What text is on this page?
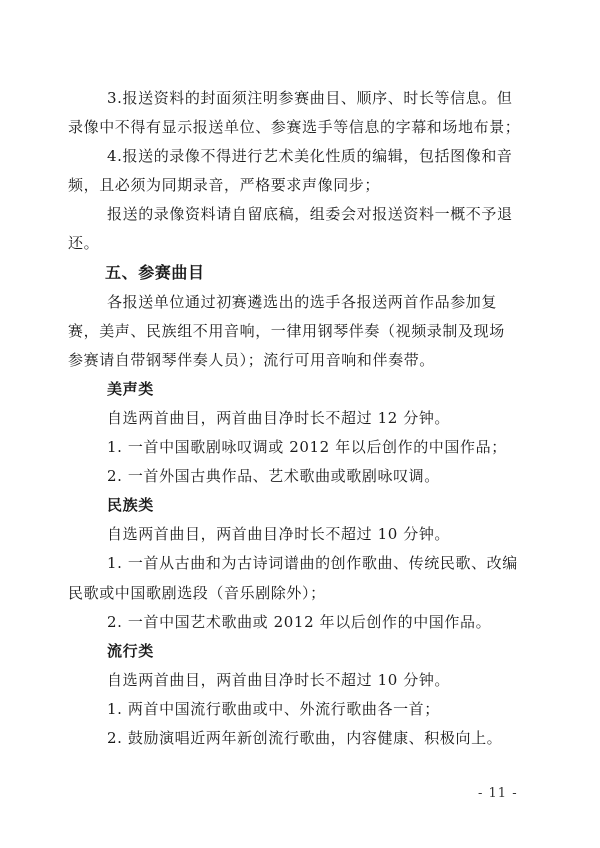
3.报送资料的封面须注明参赛曲目、顺序、时长等信息。但
录像中不得有显示报送单位、参赛选手等信息的字幕和场地布景；
4.报送的录像不得进行艺术美化性质的编辑，包括图像和音
频，且必须为同期录音，严格要求声像同步；
报送的录像资料请自留底稿，组委会对报送资料一概不予退
还。
五、参赛曲目
各报送单位通过初赛遴选出的选手各报送两首作品参加复
赛，美声、民族组不用音响，一律用钢琴伴奏（视频录制及现场
参赛请自带钢琴伴奏人员）；流行可用音响和伴奏带。
美声类
自选两首曲目，两首曲目净时长不超过 12 分钟。
1. 一首中国歌剧咏叹调或 2012 年以后创作的中国作品；
2. 一首外国古典作品、艺术歌曲或歌剧咏叹调。
民族类
自选两首曲目，两首曲目净时长不超过 10 分钟。
1. 一首从古曲和为古诗词谱曲的创作歌曲、传统民歌、改编
民歌或中国歌剧选段（音乐剧除外）；
2. 一首中国艺术歌曲或 2012 年以后创作的中国作品。
流行类
自选两首曲目，两首曲目净时长不超过 10 分钟。
1. 两首中国流行歌曲或中、外流行歌曲各一首；
2. 鼓励演唱近两年新创流行歌曲，内容健康、积极向上。
- 11 -
